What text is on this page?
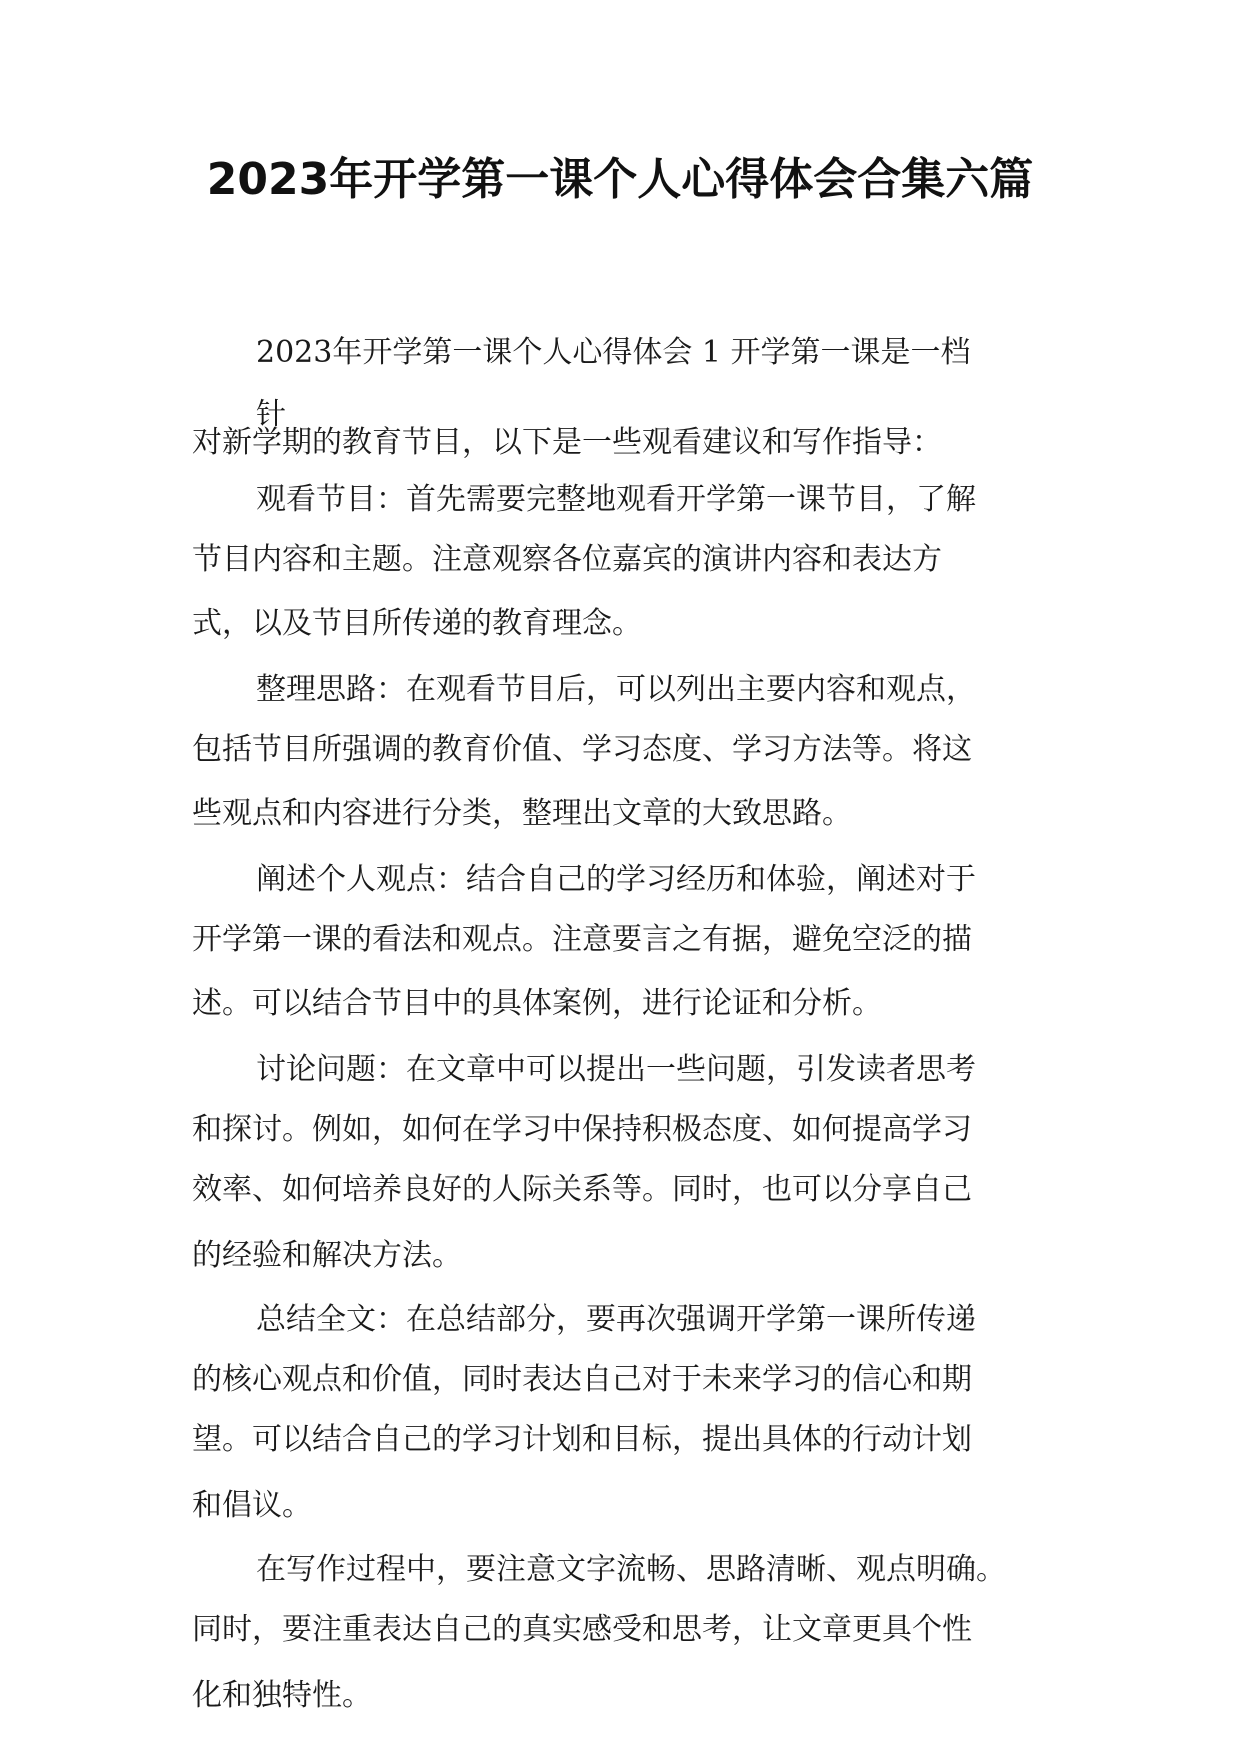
2023年开学第一课个人心得体会合集六篇
2023年开学第一课个人心得体会 1 开学第一课是一档
针
对新学期的教育节目，以下是一些观看建议和写作指导：
观看节目：首先需要完整地观看开学第一课节目，了解
节目内容和主题。注意观察各位嘉宾的演讲内容和表达方
式，以及节目所传递的教育理念。
整理思路：在观看节目后，可以列出主要内容和观点，
包括节目所强调的教育价值、学习态度、学习方法等。将这
些观点和内容进行分类，整理出文章的大致思路。
阐述个人观点：结合自己的学习经历和体验，阐述对于
开学第一课的看法和观点。注意要言之有据，避免空泛的描
述。可以结合节目中的具体案例，进行论证和分析。
讨论问题：在文章中可以提出一些问题，引发读者思考
和探讨。例如，如何在学习中保持积极态度、如何提高学习
效率、如何培养良好的人际关系等。同时，也可以分享自己
的经验和解决方法。
总结全文：在总结部分，要再次强调开学第一课所传递
的核心观点和价值，同时表达自己对于未来学习的信心和期
望。可以结合自己的学习计划和目标，提出具体的行动计划
和倡议。
在写作过程中，要注意文字流畅、思路清晰、观点明确。
同时，要注重表达自己的真实感受和思考，让文章更具个性
化和独特性。
